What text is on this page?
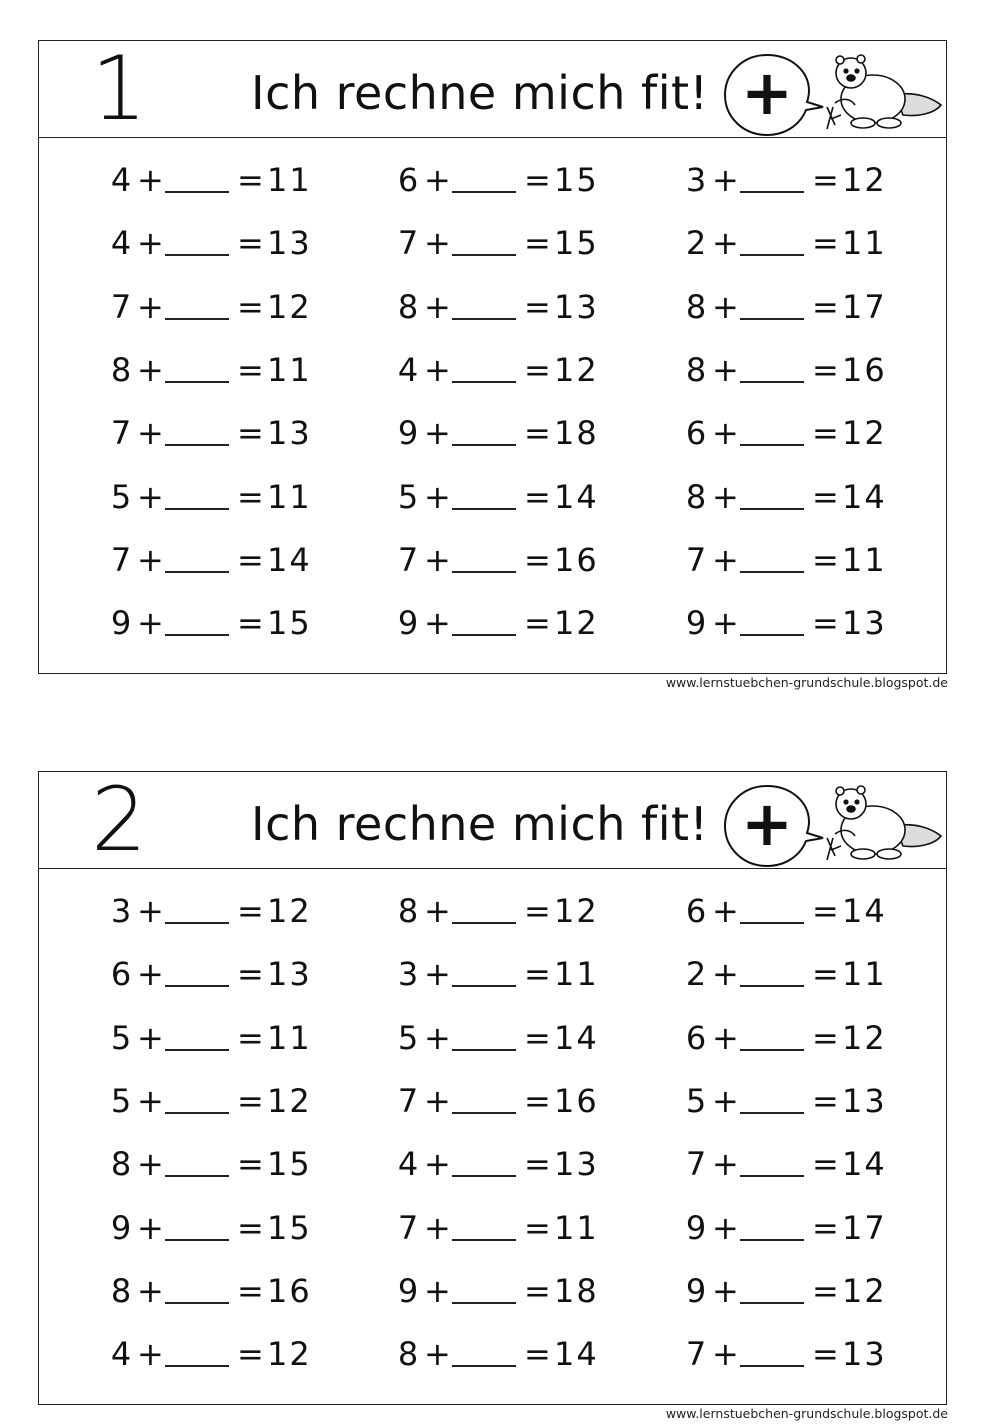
1 Ich rechne mich fit! +
4 + = 11	6 + = 15	3 + = 12
4 + = 13	7 + = 15	2 + = 11
7 + = 12	8 + = 13	8 + = 17
8 + = 11	4 + = 12	8 + = 16
7 + = 13	9 + = 18	6 + = 12
5 + = 11	5 + = 14	8 + = 14
7 + = 14	7 + = 16	7 + = 11
9 + = 15	9 + = 12	9 + = 13
www.lernstuebchen-grundschule.blogspot.de
2 Ich rechne mich fit! +
3 + = 12	8 + = 12	6 + = 14
6 + = 13	3 + = 11	2 + = 11
5 + = 11	5 + = 14	6 + = 12
5 + = 12	7 + = 16	5 + = 13
8 + = 15	4 + = 13	7 + = 14
9 + = 15	7 + = 11	9 + = 17
8 + = 16	9 + = 18	9 + = 12
4 + = 12	8 + = 14	7 + = 13
www.lernstuebchen-grundschule.blogspot.de
